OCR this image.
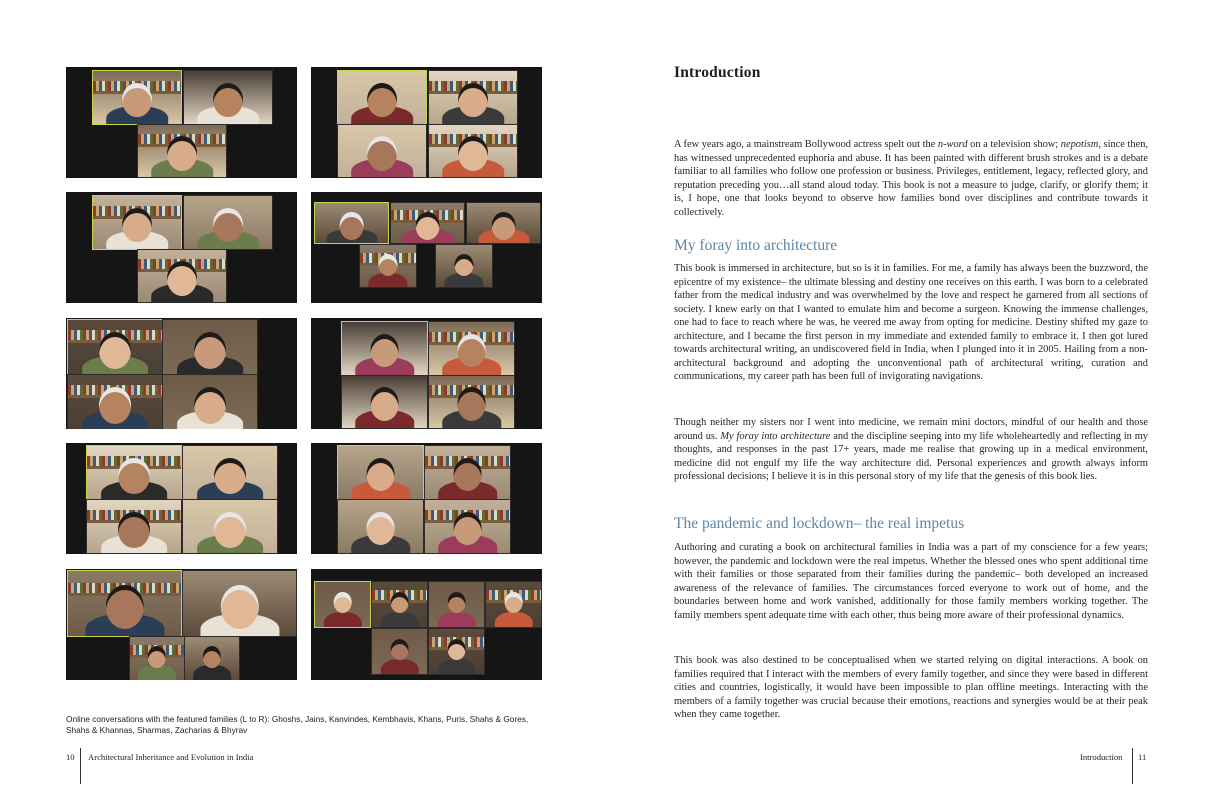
Online conversations with the featured families (L to R): Ghoshs, Jains, Kanvindes, Kembhavis, Khans, Puris, Shahs & Gores, Shahs & Khannas, Sharmas, Zacharias & Bhyrav

10 Architectural Inheritance and Evolution in India
Introduction

A few years ago, a mainstream Bollywood actress spelt out the n-word on a television show; nepotism, since then, has witnessed unprecedented euphoria and abuse. It has been painted with different brush strokes and is a debate familiar to all families who follow one profession or business. Privileges, entitlement, legacy, reflected glory, and reputation preceding you…all stand aloud today. This book is not a measure to judge, clarify, or glorify them; it is, I hope, one that looks beyond to observe how families bond over disciplines and contribute towards it collectively.

My foray into architecture

This book is immersed in architecture, but so is it in families. For me, a family has always been the buzzword, the epicentre of my existence– the ultimate blessing and destiny one receives on this earth. I was born to a celebrated father from the medical industry and was overwhelmed by the love and respect he garnered from all sections of society. I knew early on that I wanted to emulate him and become a surgeon. Knowing the immense challenges, one had to face to reach where he was, he veered me away from opting for medicine. Destiny shifted my gaze to architecture, and I became the first person in my immediate and extended family to embrace it. I then got lured towards architectural writing, an undiscovered field in India, when I plunged into it in 2005. Hailing from a non-architectural background and adopting the unconventional path of architectural writing, curation and communications, my career path has been full of invigorating navigations.

Though neither my sisters nor I went into medicine, we remain mini doctors, mindful of our health and those around us. My foray into architecture and the discipline seeping into my life wholeheartedly and reflecting in my thoughts, and responses in the past 17+ years, made me realise that growing up in a medical environment, medicine did not engulf my life the way architecture did. Personal experiences and growth always inform professional decisions; I believe it is in this personal story of my life that the genesis of this book lies.

The pandemic and lockdown– the real impetus

Authoring and curating a book on architectural families in India was a part of my conscience for a few years; however, the pandemic and lockdown were the real impetus. Whether the blessed ones who spent additional time with their families or those separated from their families during the pandemic– both developed an increased awareness of the relevance of families. The circumstances forced everyone to work out of home, and the boundaries between home and work vanished, additionally for those family members working together. The family members spent adequate time with each other, thus being more aware of their professional dynamics.

This book was also destined to be conceptualised when we started relying on digital interactions. A book on families required that I interact with the members of every family together, and since they were based in different cities and countries, logistically, it would have been impossible to plan offline meetings. Interacting with the members of a family together was crucial because their emotions, reactions and synergies would be at their peak when they came together.

Introduction 11
